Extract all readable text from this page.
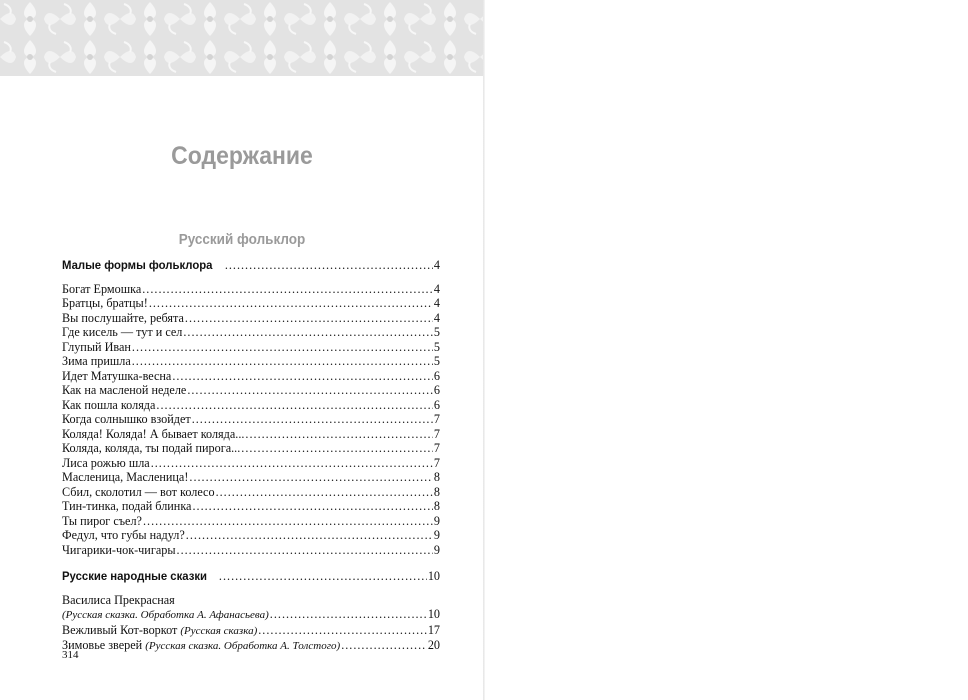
Содержание
Русский фольклор
Малые формы фольклора .....	4
Богат Ермошка .....	4
Братцы, братцы! .....	4
Вы послушайте, ребята .....	4
Где кисель — тут и сел .....	5
Глупый Иван .....	5
Зима пришла .....	5
Идет Матушка-весна .....	6
Как на масленой неделе .....	6
Как пошла коляда .....	6
Когда солнышко взойдет .....	7
Коляда! Коляда! А бывает коляда... .....	7
Коляда, коляда, ты подай пирога... .....	7
Лиса рожью шла .....	7
Масленица, Масленица! .....	8
Сбил, сколотил — вот колесо .....	8
Тин-тинка, подай блинка .....	8
Ты пирог съел? .....	9
Федул, что губы надул? .....	9
Чигарики-чок-чигары .....	9
Русские народные сказки .....	10
Василиса Прекрасная
(Русская сказка. Обработка А. Афанасьева) .....	10
Вежливый Кот-воркот (Русская сказка) .....	17
Зимовье зверей (Русская сказка. Обработка А. Толстого) .....	20
314
